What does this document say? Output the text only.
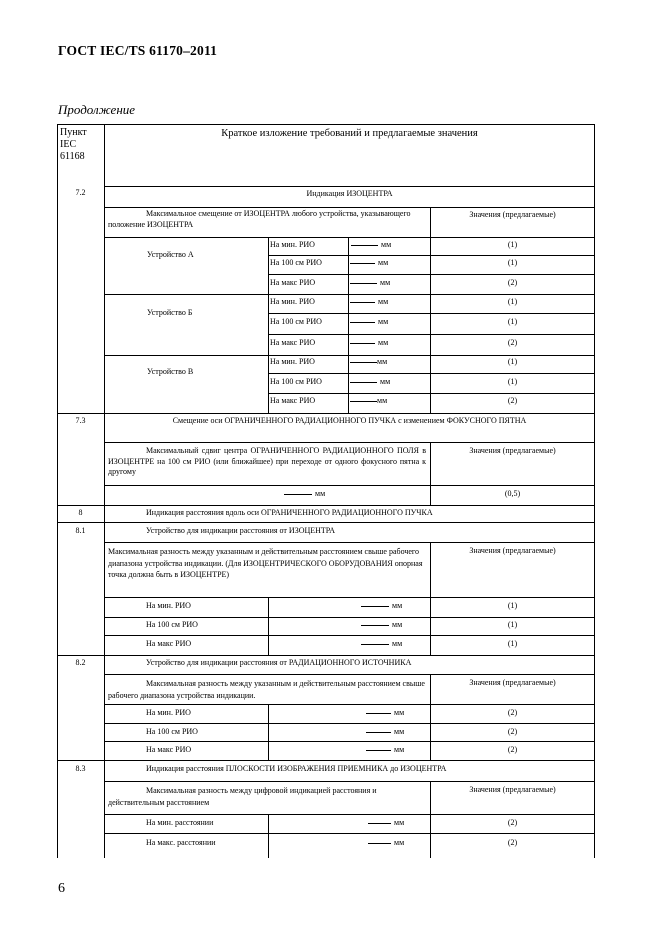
ГОСТ IEC/TS 61170–2011
Продолжение
Пункт
IEC
61168
Краткое изложение требований и предлагаемые значения
7.2	Индикация ИЗОЦЕНТРА
Максимальное смещение от ИЗОЦЕНТРА любого устройства, указывающего положение ИЗОЦЕНТРА
Значения (предлагаемые)
Устройство А
На мин. РИО	мм	(1)
На 100 см РИО	мм	(1)
На макс РИО	мм	(2)
Устройство Б
На мин. РИО	мм	(1)
На 100 см РИО	мм	(1)
На макс РИО	мм	(2)
Устройство В
На мин. РИО	мм	(1)
На 100 см РИО	мм	(1)
На макс РИО	мм	(2)
7.3	Смещение оси ОГРАНИЧЕННОГО РАДИАЦИОННОГО ПУЧКА с изменением ФОКУСНОГО ПЯТНА
Максимальный сдвиг центра ОГРАНИЧЕННОГО РАДИАЦИОННОГО ПОЛЯ в ИЗОЦЕНТРЕ на 100 см РИО (или ближайшее) при переходе от одного фокусного пятна к другому
Значения (предлагаемые)
мм	(0,5)
8	Индикация расстояния вдоль оси ОГРАНИЧЕННОГО РАДИАЦИОННОГО ПУЧКА
8.1	Устройство для индикации расстояния от ИЗОЦЕНТРА
Максимальная разность между указанным и действительным расстоянием свыше рабочего диапазона устройства индикации. (Для ИЗОЦЕНТРИЧЕСКОГО ОБОРУДОВАНИЯ опорная точка должна быть в ИЗОЦЕНТРЕ)
Значения (предлагаемые)
На мин. РИО	мм	(1)
На 100 см РИО	мм	(1)
На макс РИО	мм	(1)
8.2	Устройство для индикации расстояния от РАДИАЦИОННОГО ИСТОЧНИКА
Максимальная разность между указанным и действительным расстоянием свыше рабочего диапазона устройства индикации.
Значения (предлагаемые)
На мин. РИО	мм	(2)
На 100 см РИО	мм	(2)
На макс РИО	мм	(2)
8.3	Индикация расстояния ПЛОСКОСТИ ИЗОБРАЖЕНИЯ ПРИЕМНИКА до ИЗОЦЕНТРА
Максимальная разность между цифровой индикацией расстояния и действительным расстоянием
Значения (предлагаемые)
На мин. расстоянии	мм	(2)
На макс. расстоянии	мм	(2)
6
